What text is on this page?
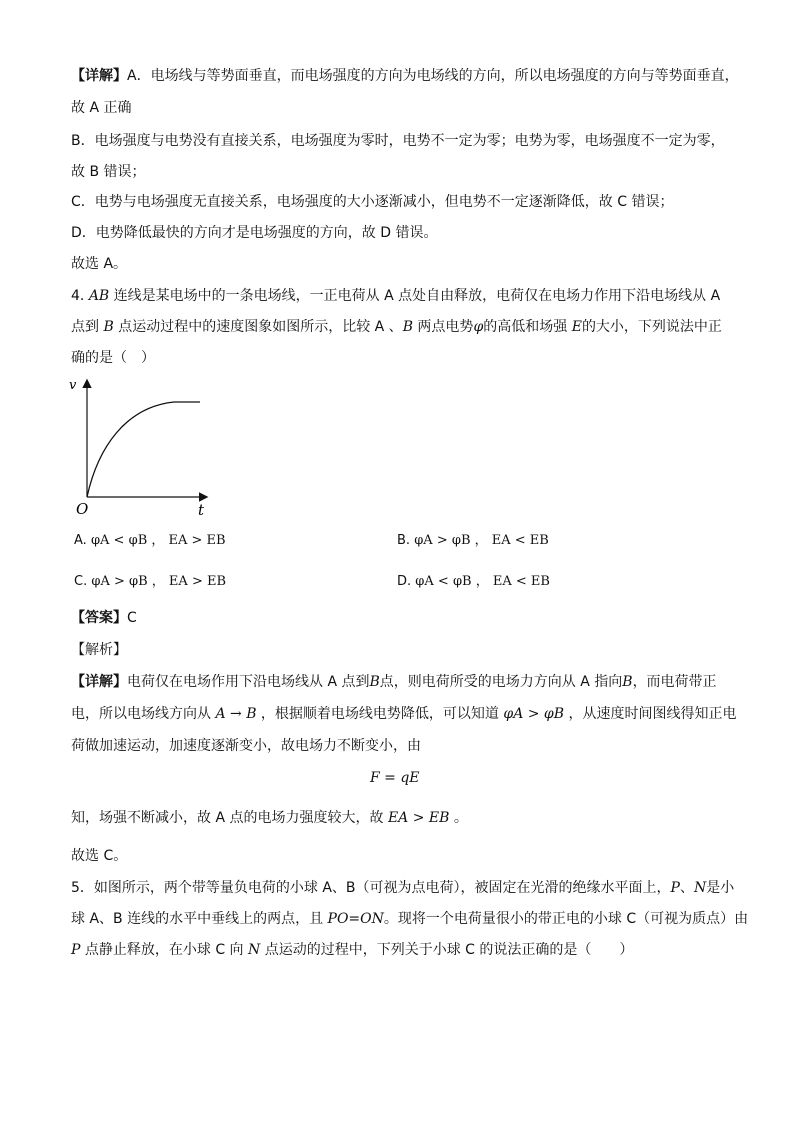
【详解】A．电场线与等势面垂直，而电场强度的方向为电场线的方向，所以电场强度的方向与等势面垂直，
故 A 正确
B．电场强度与电势没有直接关系，电场强度为零时，电势不一定为零；电势为零，电场强度不一定为零，
故 B 错误；
C．电势与电场强度无直接关系，电场强度的大小逐渐减小，但电势不一定逐渐降低，故 C 错误；
D．电势降低最快的方向才是电场强度的方向，故 D 错误。
故选 A。
4. AB 连线是某电场中的一条电场线，一正电荷从 A 点处自由释放，电荷仅在电场力作用下沿电场线从 A
点到 B 点运动过程中的速度图象如图所示，比较 A 、B 两点电势φ的高低和场强 E的大小，下列说法中正
确的是（　）
v
t
O
A. φA < φB ， EA > EB	B. φA > φB ， EA < EB
C. φA > φB ， EA > EB	D. φA < φB ， EA < EB
【答案】C
【解析】
【详解】电荷仅在电场作用下沿电场线从 A 点到B点，则电荷所受的电场力方向从 A 指向B，而电荷带正
电，所以电场线方向从 A → B ，根据顺着电场线电势降低，可以知道 φA > φB ，从速度时间图线得知正电
荷做加速运动，加速度逐渐变小，故电场力不断变小，由
F = qE
知，场强不断减小，故 A 点的电场力强度较大，故 EA > EB 。
故选 C。
5．如图所示，两个带等量负电荷的小球 A、B（可视为点电荷），被固定在光滑的绝缘水平面上，P、N是小
球 A、B 连线的水平中垂线上的两点，且 PO=ON。现将一个电荷量很小的带正电的小球 C（可视为质点）由
P 点静止释放，在小球 C 向 N 点运动的过程中，下列关于小球 C 的说法正确的是（　　）
